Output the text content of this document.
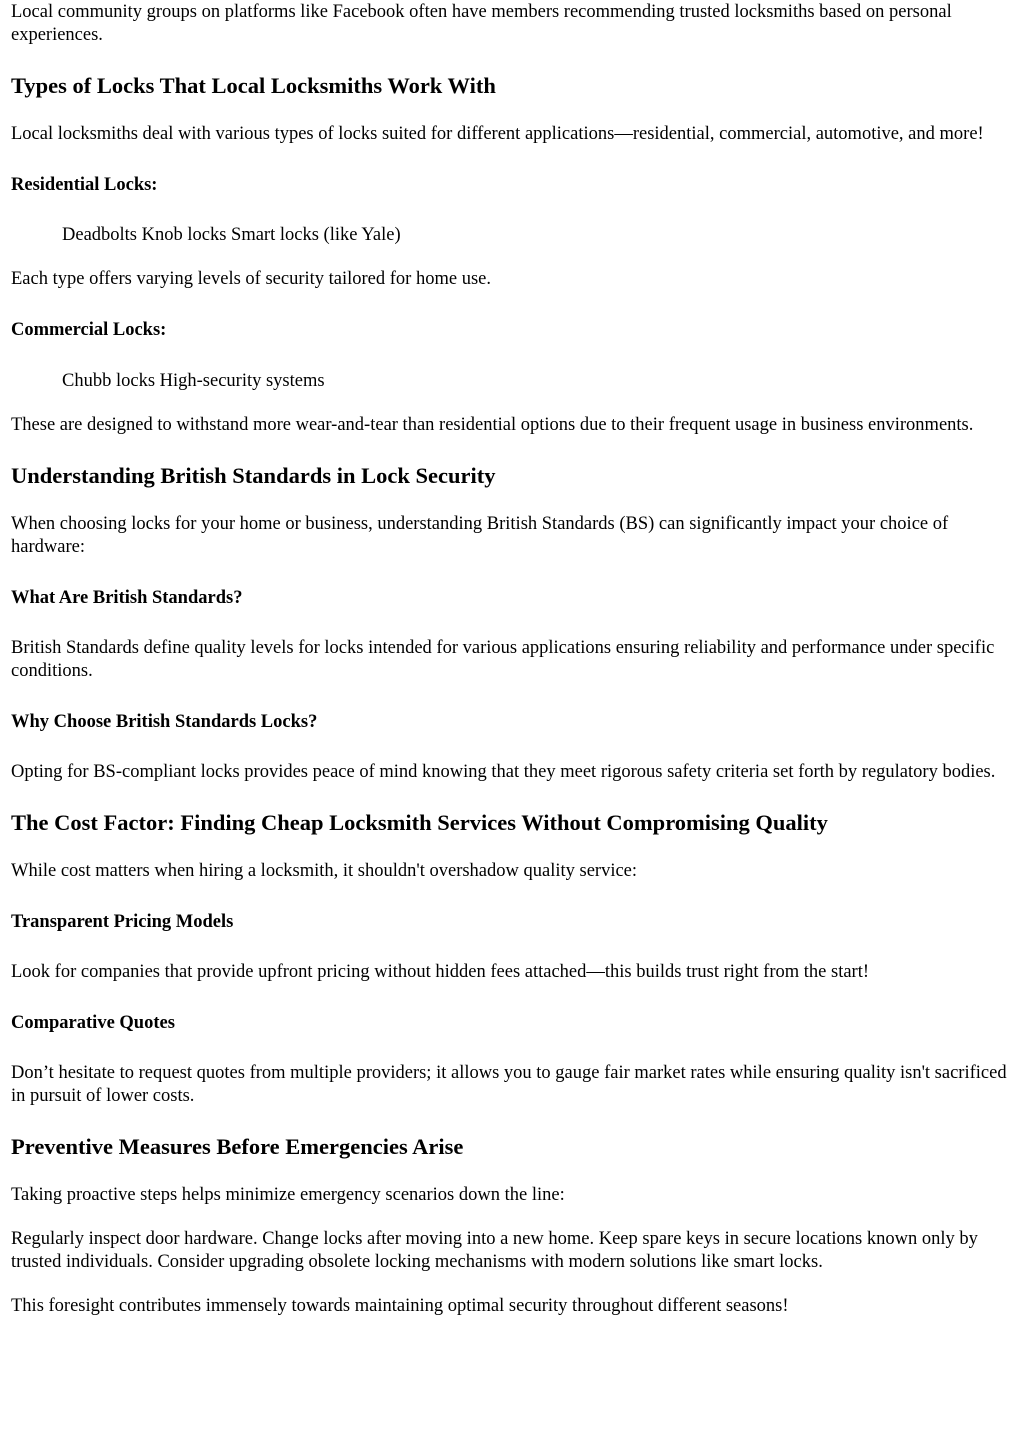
Local community groups on platforms like Facebook often have members recommending trusted locksmiths based on personal experiences.

Types of Locks That Local Locksmiths Work With

Local locksmiths deal with various types of locks suited for different applications—residential, commercial, automotive, and more!

Residential Locks:

Deadbolts Knob locks Smart locks (like Yale)

Each type offers varying levels of security tailored for home use.

Commercial Locks:

Chubb locks High-security systems

These are designed to withstand more wear-and-tear than residential options due to their frequent usage in business environments.

Understanding British Standards in Lock Security

When choosing locks for your home or business, understanding British Standards (BS) can significantly impact your choice of hardware:

What Are British Standards?

British Standards define quality levels for locks intended for various applications ensuring reliability and performance under specific conditions.

Why Choose British Standards Locks?

Opting for BS-compliant locks provides peace of mind knowing that they meet rigorous safety criteria set forth by regulatory bodies.

The Cost Factor: Finding Cheap Locksmith Services Without Compromising Quality

While cost matters when hiring a locksmith, it shouldn't overshadow quality service:

Transparent Pricing Models

Look for companies that provide upfront pricing without hidden fees attached—this builds trust right from the start!

Comparative Quotes

Don’t hesitate to request quotes from multiple providers; it allows you to gauge fair market rates while ensuring quality isn't sacrificed in pursuit of lower costs.

Preventive Measures Before Emergencies Arise

Taking proactive steps helps minimize emergency scenarios down the line:

Regularly inspect door hardware. Change locks after moving into a new home. Keep spare keys in secure locations known only by trusted individuals. Consider upgrading obsolete locking mechanisms with modern solutions like smart locks.

This foresight contributes immensely towards maintaining optimal security throughout different seasons!
